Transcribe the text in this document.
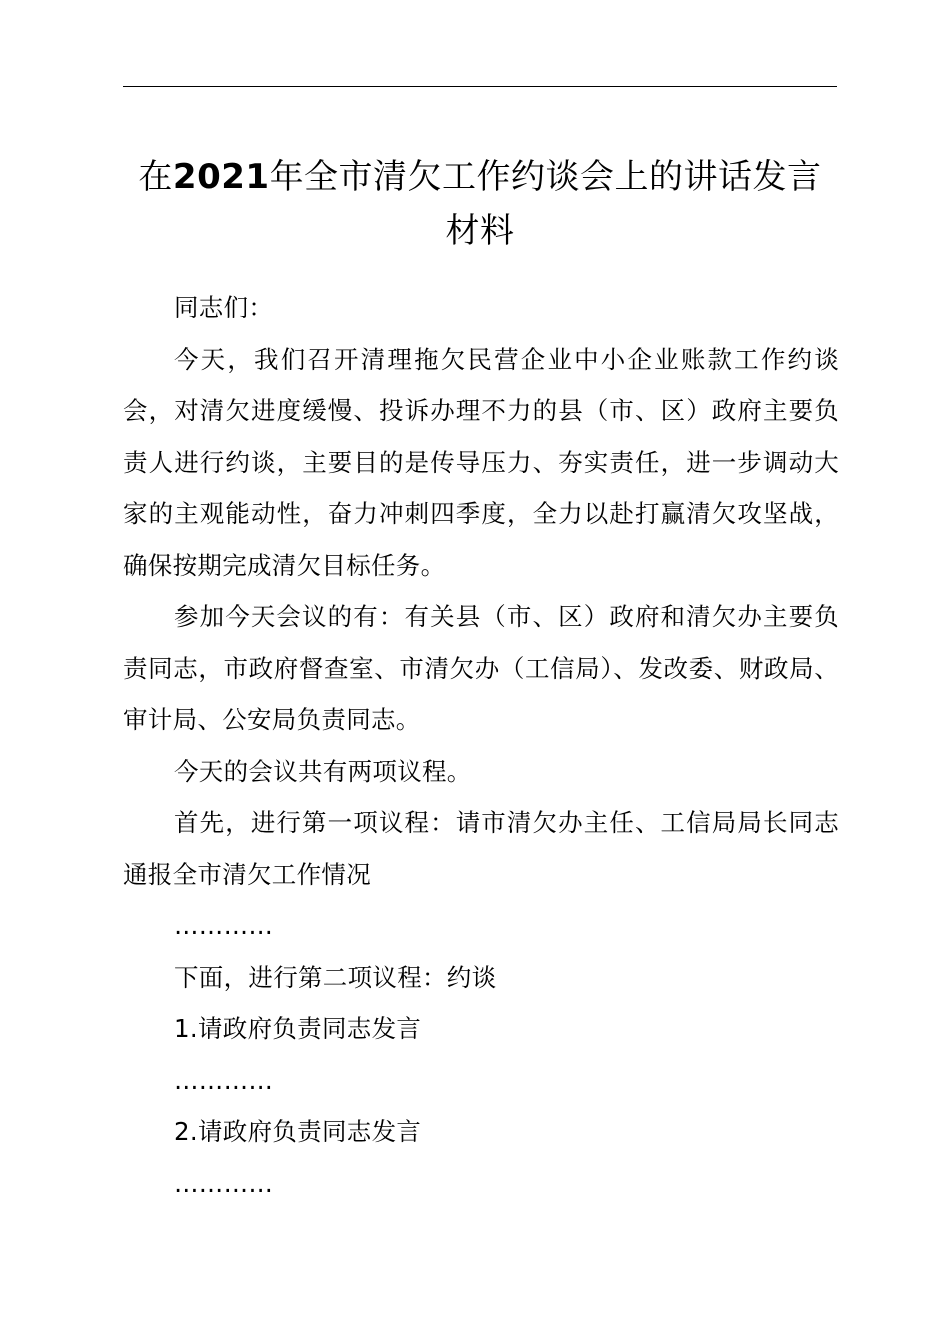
在2021年全市清欠工作约谈会上的讲话发言
材料

同志们：

今天，我们召开清理拖欠民营企业中小企业账款工作约谈会，对清欠进度缓慢、投诉办理不力的县（市、区）政府主要负责人进行约谈，主要目的是传导压力、夯实责任，进一步调动大家的主观能动性，奋力冲刺四季度，全力以赴打赢清欠攻坚战，确保按期完成清欠目标任务。

参加今天会议的有：有关县（市、区）政府和清欠办主要负责同志，市政府督查室、市清欠办（工信局）、发改委、财政局、审计局、公安局负责同志。

今天的会议共有两项议程。

首先，进行第一项议程：请市清欠办主任、工信局局长同志通报全市清欠工作情况

…………

下面，进行第二项议程：约谈

1.请政府负责同志发言

…………

2.请政府负责同志发言

…………
